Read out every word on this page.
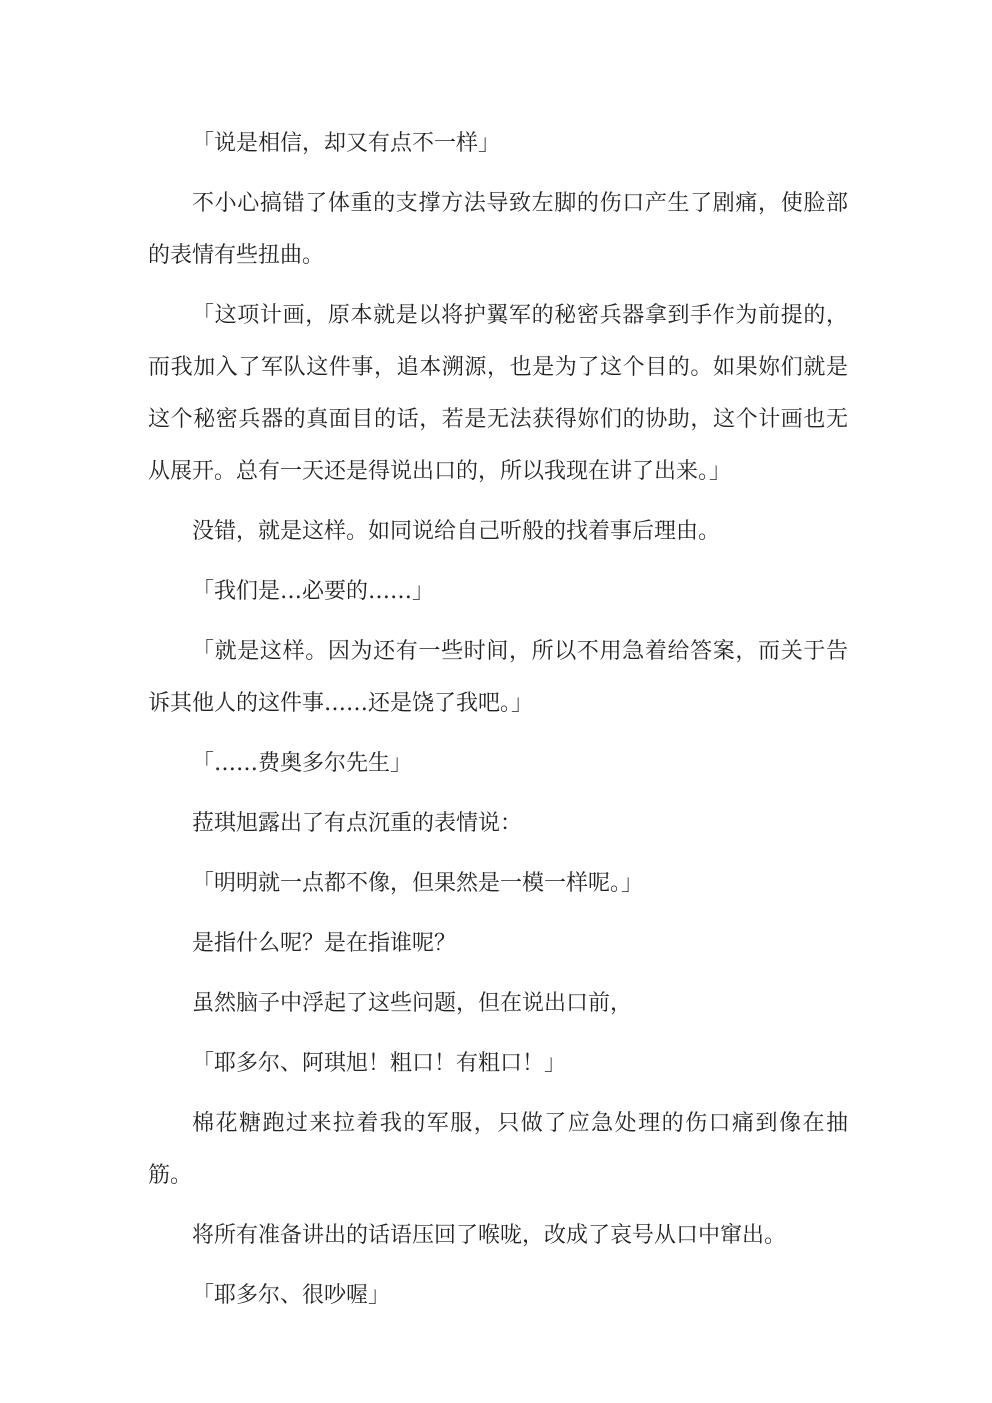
「说是相信，却又有点不一样」

不小心搞错了体重的支撑方法导致左脚的伤口产生了剧痛，使脸部的表情有些扭曲。

「这项计画，原本就是以将护翼军的秘密兵器拿到手作为前提的，而我加入了军队这件事，追本溯源，也是为了这个目的。如果妳们就是这个秘密兵器的真面目的话，若是无法获得妳们的协助，这个计画也无从展开。总有一天还是得说出口的，所以我现在讲了出来。」

没错，就是这样。如同说给自己听般的找着事后理由。

「我们是…必要的……」

「就是这样。因为还有一些时间，所以不用急着给答案，而关于告诉其他人的这件事……还是饶了我吧。」

「……费奥多尔先生」

菈琪旭露出了有点沉重的表情说：

「明明就一点都不像，但果然是一模一样呢。」

是指什么呢？是在指谁呢？

虽然脑子中浮起了这些问题，但在说出口前，

「耶多尔、阿琪旭！粗口！有粗口！」

棉花糖跑过来拉着我的军服，只做了应急处理的伤口痛到像在抽筋。

将所有准备讲出的话语压回了喉咙，改成了哀号从口中窜出。

「耶多尔、很吵喔」
